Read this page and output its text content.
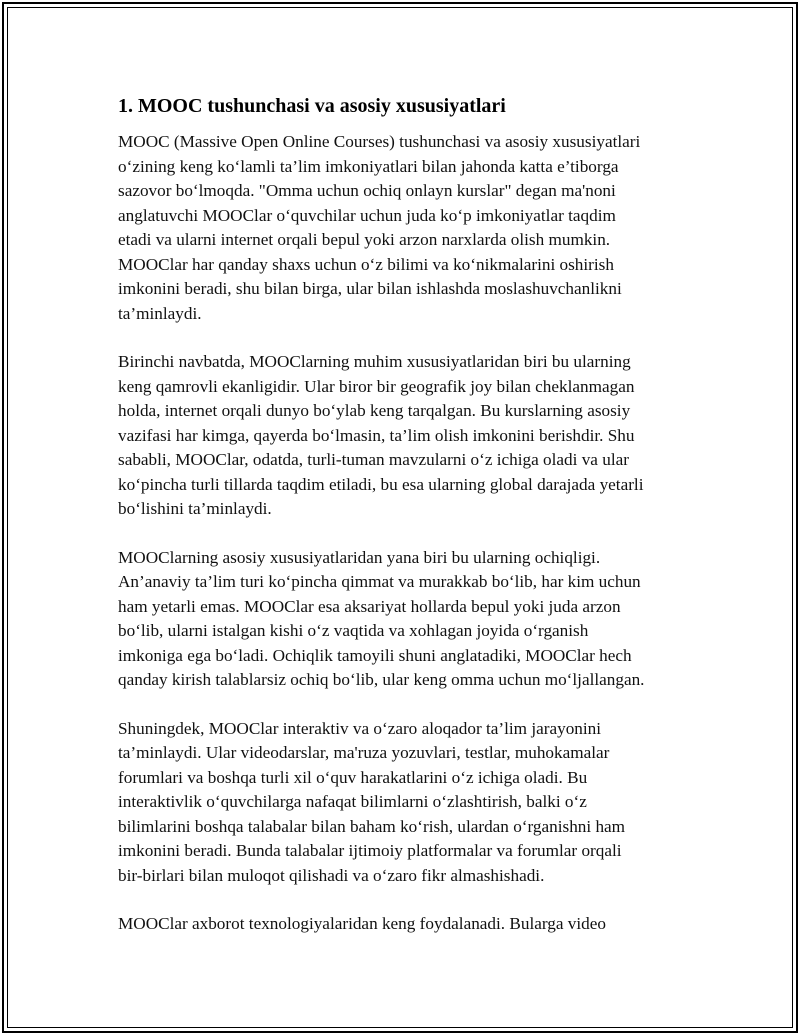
1. MOOC tushunchasi va asosiy xususiyatlari

MOOC (Massive Open Online Courses) tushunchasi va asosiy xususiyatlari
o‘zining keng ko‘lamli ta’lim imkoniyatlari bilan jahonda katta e’tiborga
sazovor bo‘lmoqda. "Omma uchun ochiq onlayn kurslar" degan ma'noni
anglatuvchi MOOClar o‘quvchilar uchun juda ko‘p imkoniyatlar taqdim
etadi va ularni internet orqali bepul yoki arzon narxlarda olish mumkin.
MOOClar har qanday shaxs uchun o‘z bilimi va ko‘nikmalarini oshirish
imkonini beradi, shu bilan birga, ular bilan ishlashda moslashuvchanlikni
ta’minlaydi.

Birinchi navbatda, MOOClarning muhim xususiyatlaridan biri bu ularning
keng qamrovli ekanligidir. Ular biror bir geografik joy bilan cheklanmagan
holda, internet orqali dunyo bo‘ylab keng tarqalgan. Bu kurslarning asosiy
vazifasi har kimga, qayerda bo‘lmasin, ta’lim olish imkonini berishdir. Shu
sababli, MOOClar, odatda, turli-tuman mavzularni o‘z ichiga oladi va ular
ko‘pincha turli tillarda taqdim etiladi, bu esa ularning global darajada yetarli
bo‘lishini ta’minlaydi.

MOOClarning asosiy xususiyatlaridan yana biri bu ularning ochiqligi.
An’anaviy ta’lim turi ko‘pincha qimmat va murakkab bo‘lib, har kim uchun
ham yetarli emas. MOOClar esa aksariyat hollarda bepul yoki juda arzon
bo‘lib, ularni istalgan kishi o‘z vaqtida va xohlagan joyida o‘rganish
imkoniga ega bo‘ladi. Ochiqlik tamoyili shuni anglatadiki, MOOClar hech
qanday kirish talablarsiz ochiq bo‘lib, ular keng omma uchun mo‘ljallangan.

Shuningdek, MOOClar interaktiv va o‘zaro aloqador ta’lim jarayonini
ta’minlaydi. Ular videodarslar, ma'ruza yozuvlari, testlar, muhokamalar
forumlari va boshqa turli xil o‘quv harakatlarini o‘z ichiga oladi. Bu
interaktivlik o‘quvchilarga nafaqat bilimlarni o‘zlashtirish, balki o‘z
bilimlarini boshqa talabalar bilan baham ko‘rish, ulardan o‘rganishni ham
imkonini beradi. Bunda talabalar ijtimoiy platformalar va forumlar orqali
bir-birlari bilan muloqot qilishadi va o‘zaro fikr almashishadi.

MOOClar axborot texnologiyalaridan keng foydalanadi. Bularga video
